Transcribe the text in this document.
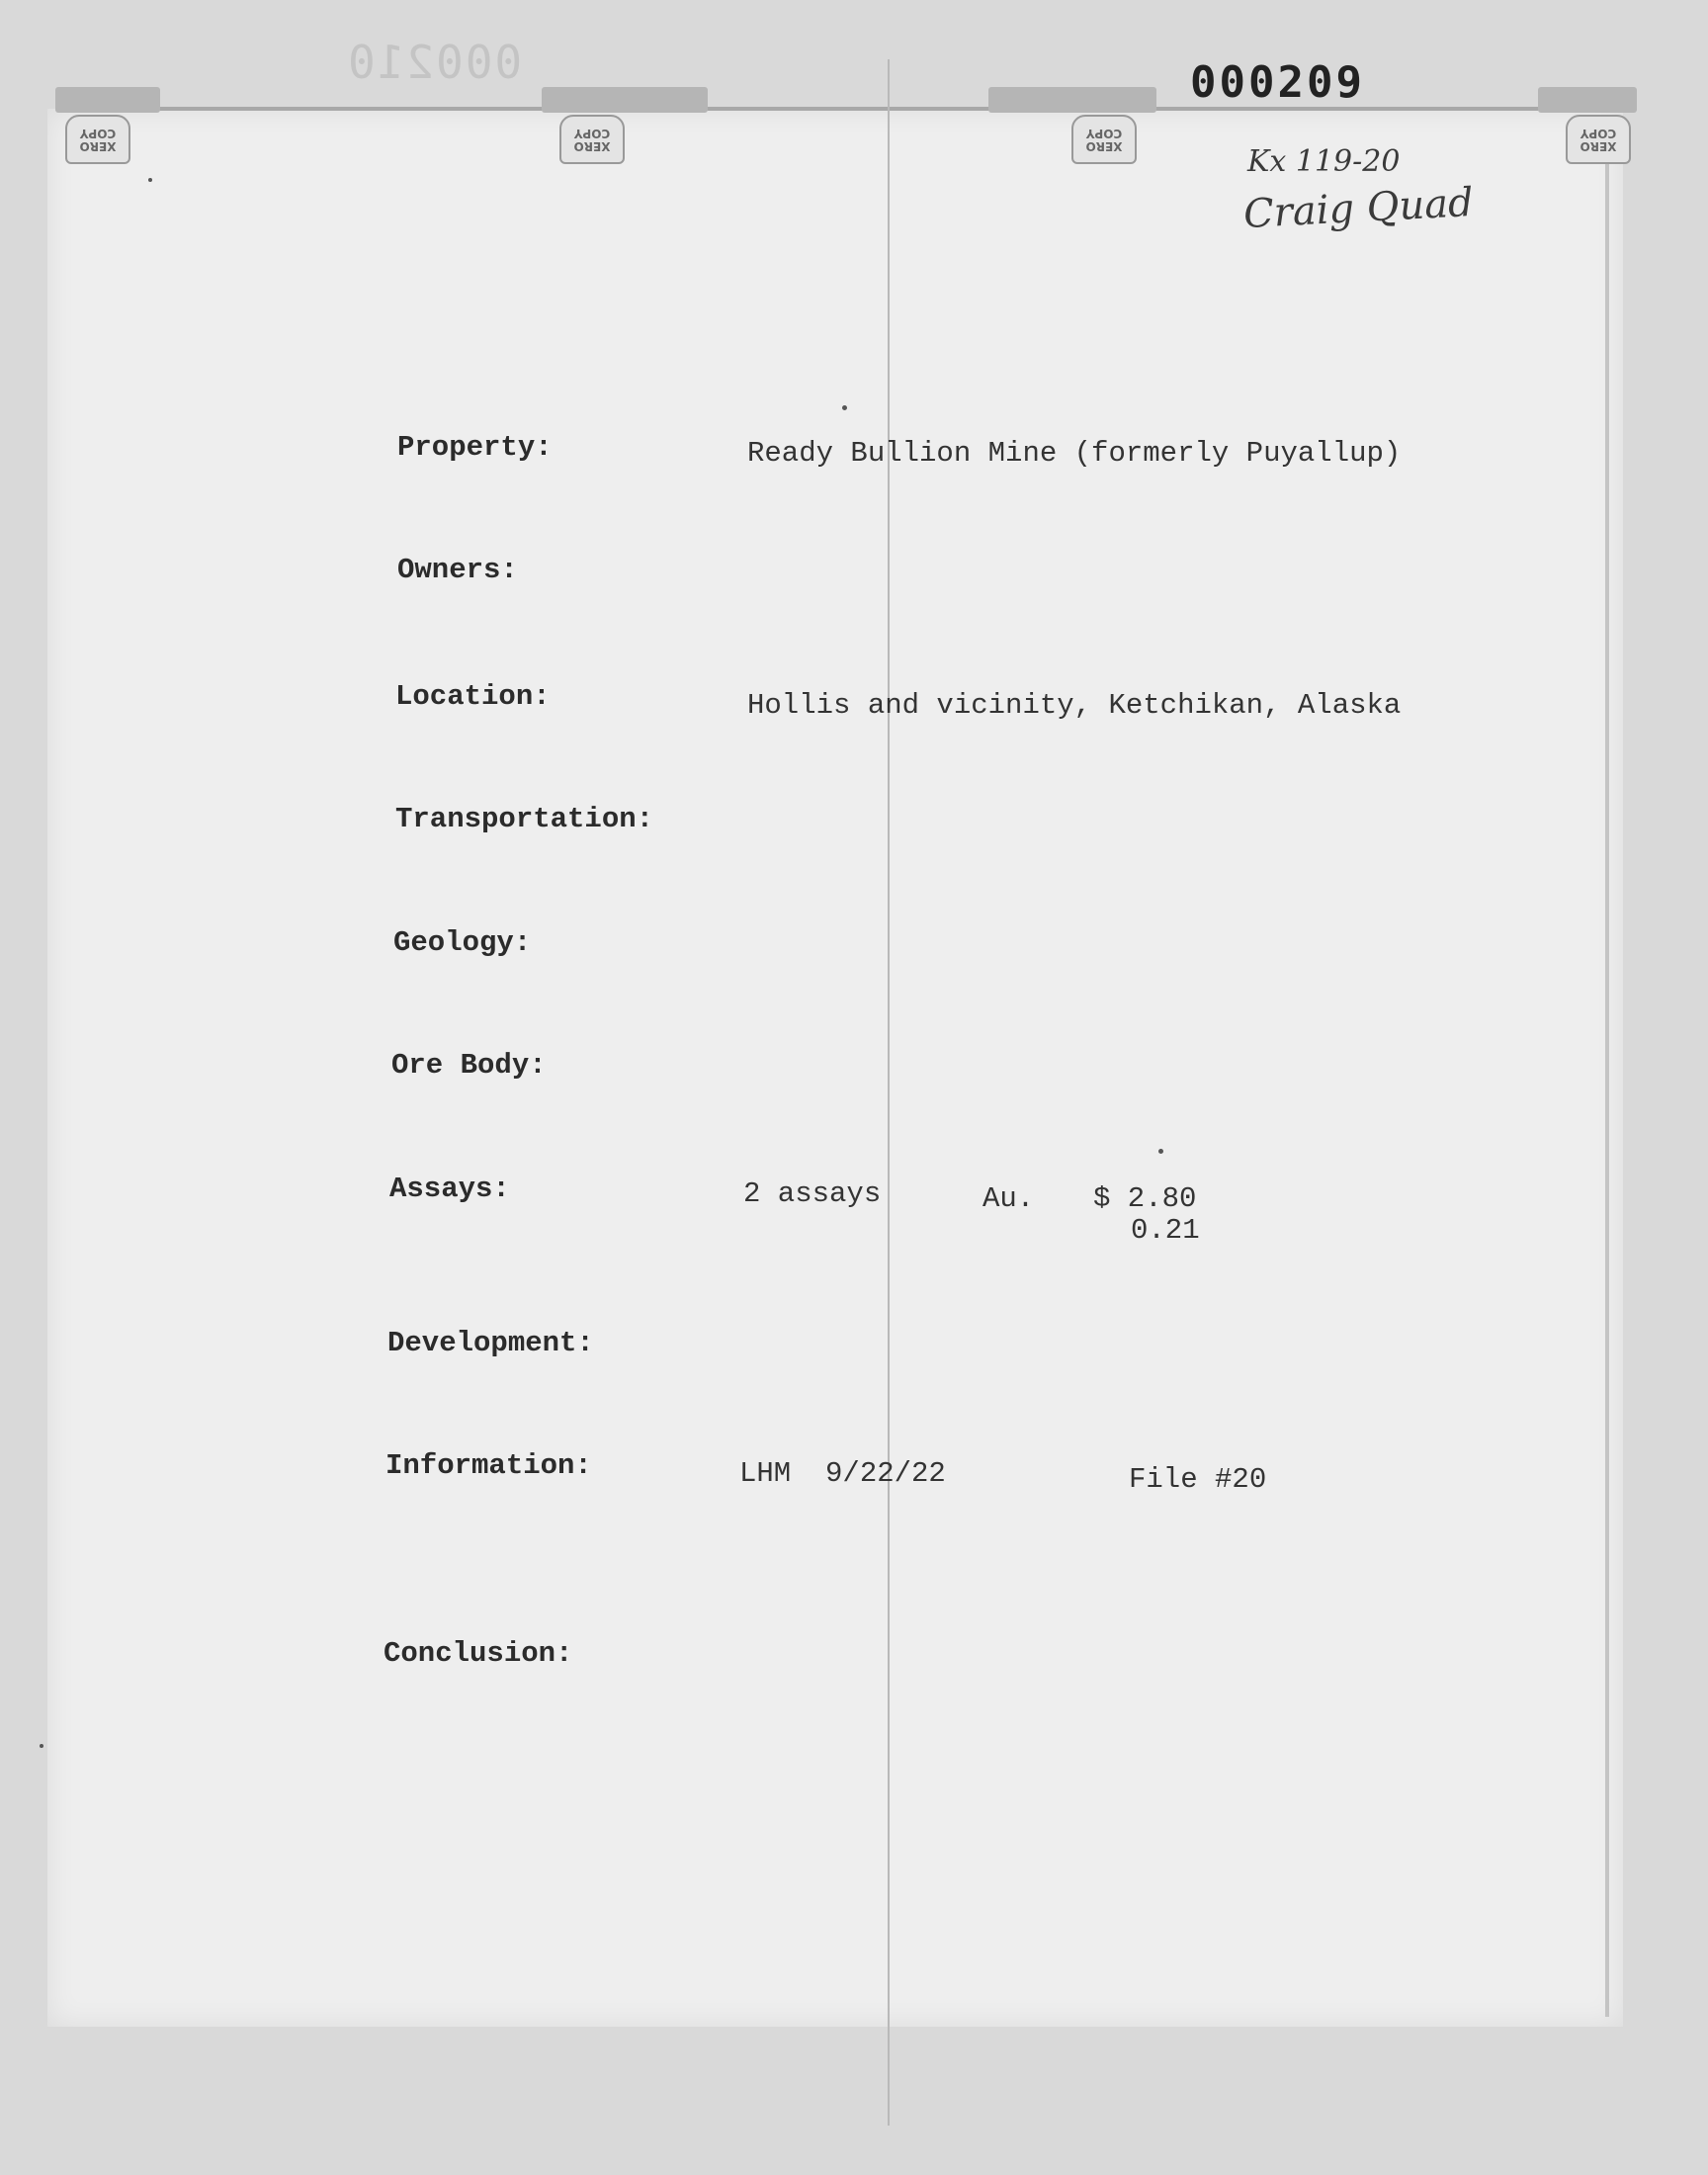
XERO
COPY
XERO
COPY
XERO
COPY
XERO
COPY
000210	000209
Kx 119-20
Craig Quad
Property:	Ready Bullion Mine (formerly Puyallup)
Owners:
Location:	Hollis and vicinity, Ketchikan, Alaska
Transportation:
Geology:
Ore Body:
Assays:	2 assays	Au. $ 2.80
0.21
Development:
Information:	LHM  9/22/22	File #20
Conclusion:
